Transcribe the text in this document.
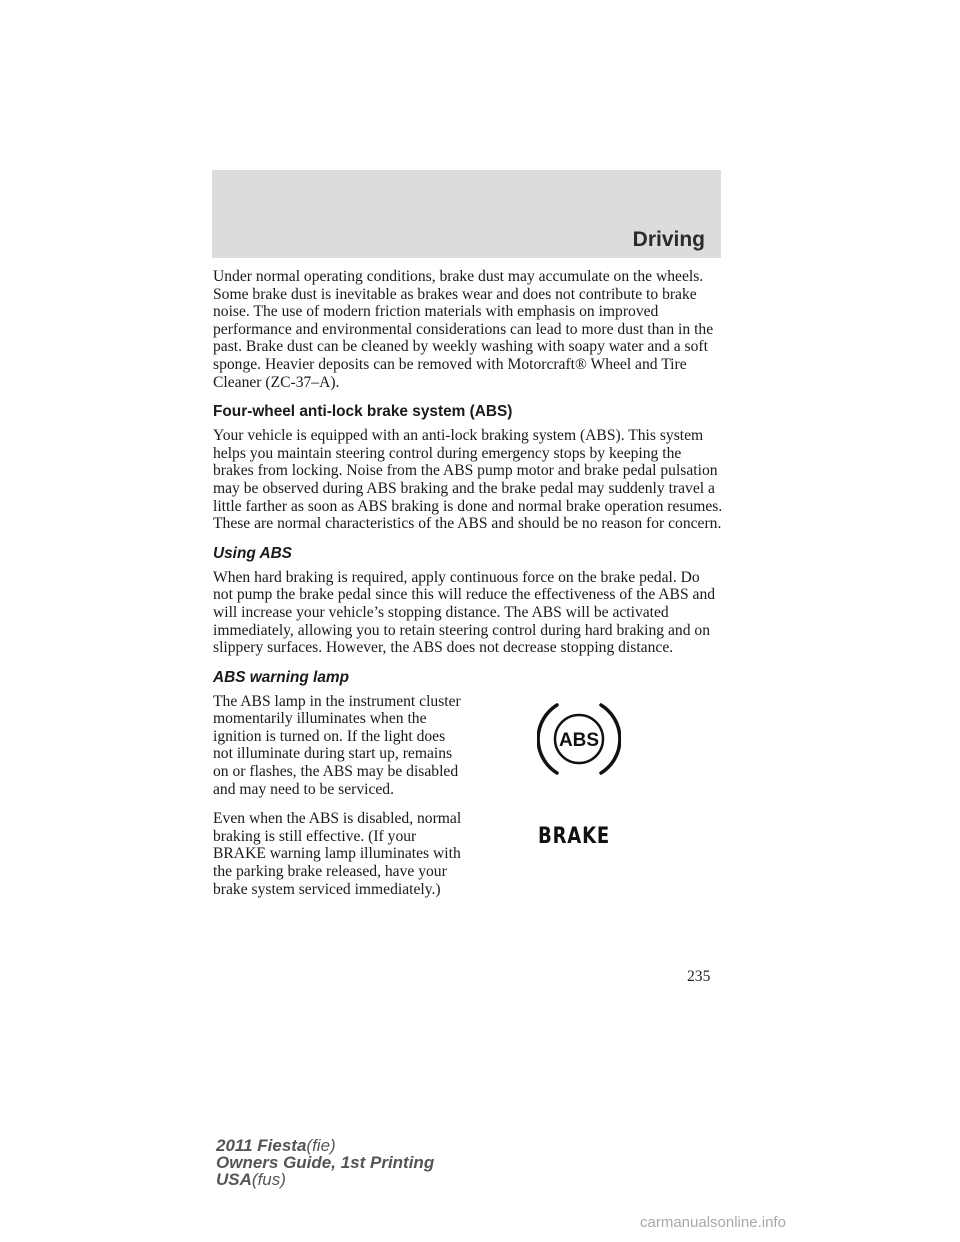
Driving

Under normal operating conditions, brake dust may accumulate on the wheels. Some brake dust is inevitable as brakes wear and does not contribute to brake noise. The use of modern friction materials with emphasis on improved performance and environmental considerations can lead to more dust than in the past. Brake dust can be cleaned by weekly washing with soapy water and a soft sponge. Heavier deposits can be removed with Motorcraft® Wheel and Tire Cleaner (ZC-37–A).

Four-wheel anti-lock brake system (ABS)

Your vehicle is equipped with an anti-lock braking system (ABS). This system helps you maintain steering control during emergency stops by keeping the brakes from locking. Noise from the ABS pump motor and brake pedal pulsation may be observed during ABS braking and the brake pedal may suddenly travel a little farther as soon as ABS braking is done and normal brake operation resumes. These are normal characteristics of the ABS and should be no reason for concern.

Using ABS

When hard braking is required, apply continuous force on the brake pedal. Do not pump the brake pedal since this will reduce the effectiveness of the ABS and will increase your vehicle’s stopping distance. The ABS will be activated immediately, allowing you to retain steering control during hard braking and on slippery surfaces. However, the ABS does not decrease stopping distance.

ABS warning lamp
ABS

The ABS lamp in the instrument cluster momentarily illuminates when the ignition is turned on. If the light does not illuminate during start up, remains on or flashes, the ABS may be disabled and may need to be serviced.

BRAKE

Even when the ABS is disabled, normal braking is still effective. (If your BRAKE warning lamp illuminates with the parking brake released, have your brake system serviced immediately.)

235
2011 Fiesta(fie)
Owners Guide, 1st Printing
USA(fus)
carmanualsonline.info
